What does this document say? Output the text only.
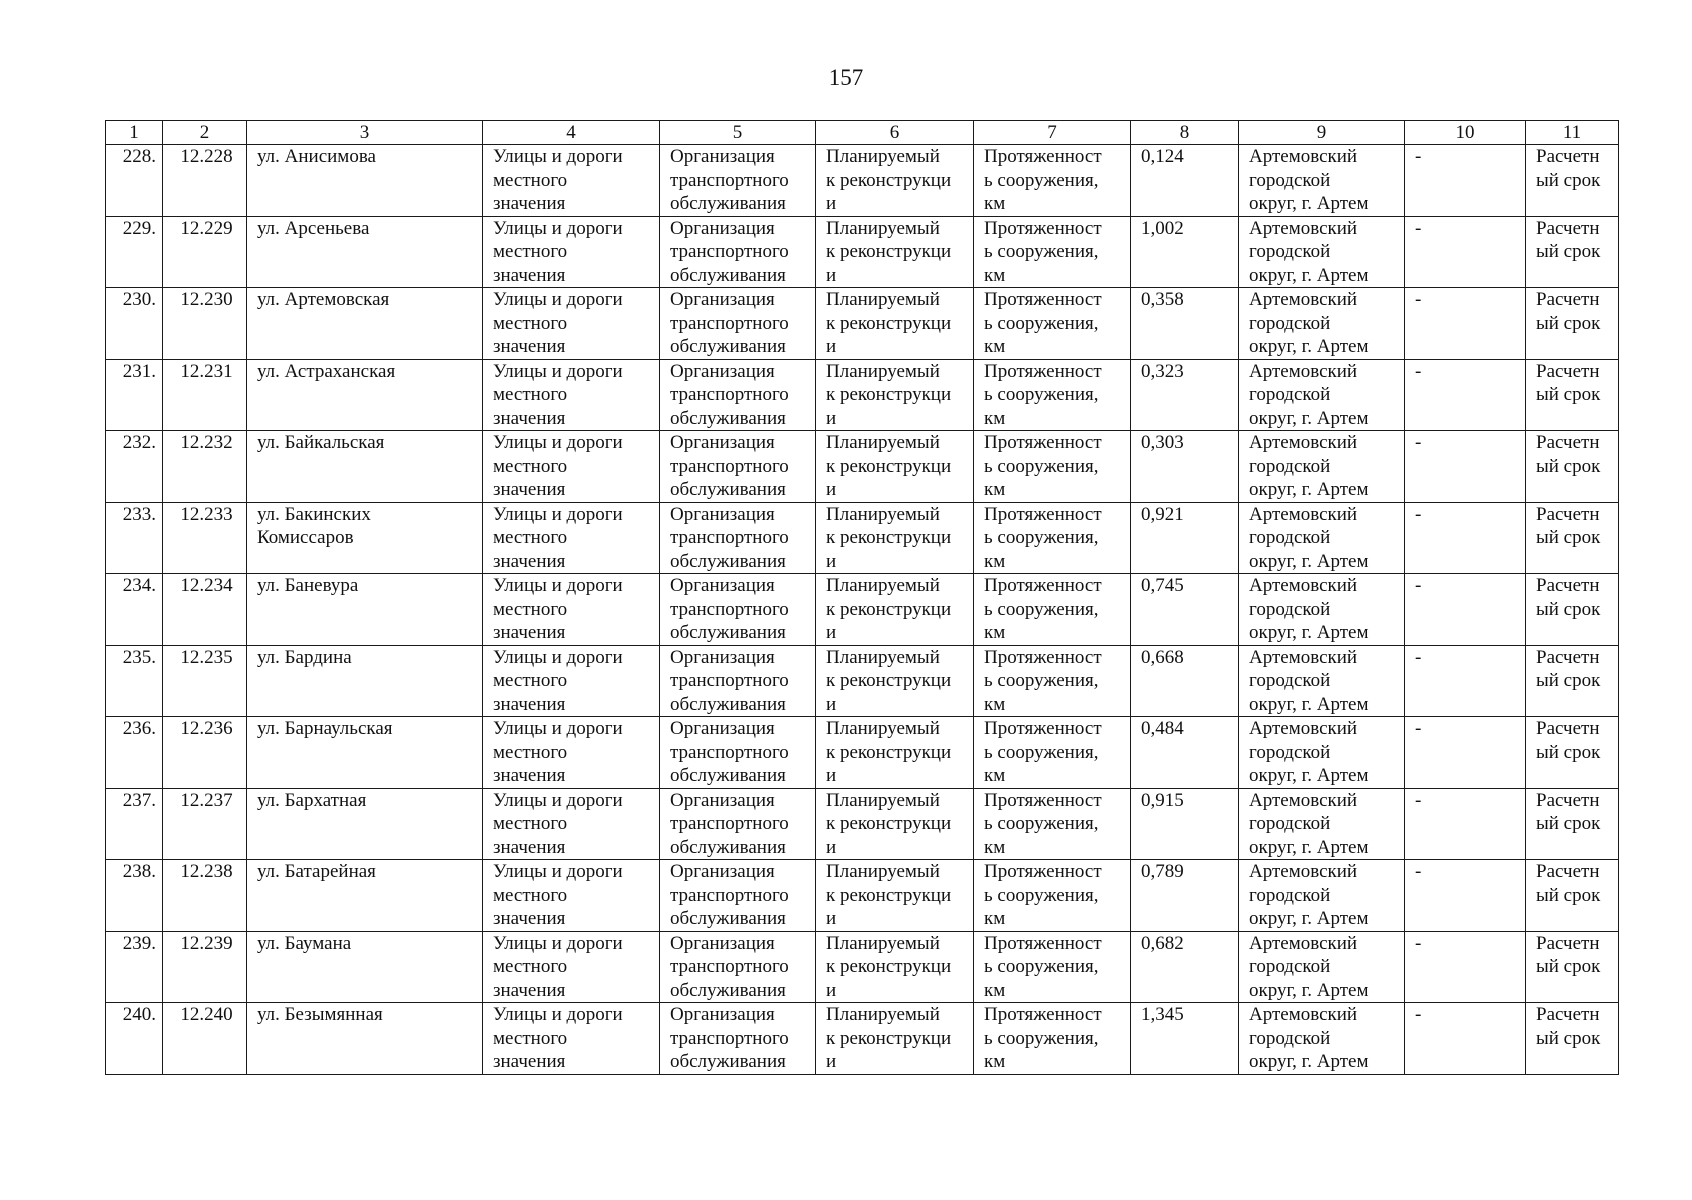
157
1	2	3	4	5	6	7	8	9	10	11
228.	12.228	ул. Анисимова	Улицы и дороги
местного
значения	Организация
транспортного
обслуживания	Планируемый
к реконструкци
и	Протяженност
ь сооружения,
км	0,124	Артемовский
городской
округ, г. Артем	-	Расчетн
ый срок

229.	12.229	ул. Арсеньева	Улицы и дороги
местного
значения	Организация
транспортного
обслуживания	Планируемый
к реконструкци
и	Протяженност
ь сооружения,
км	1,002	Артемовский
городской
округ, г. Артем	-	Расчетн
ый срок

230.	12.230	ул. Артемовская	Улицы и дороги
местного
значения	Организация
транспортного
обслуживания	Планируемый
к реконструкци
и	Протяженност
ь сооружения,
км	0,358	Артемовский
городской
округ, г. Артем	-	Расчетн
ый срок

231.	12.231	ул. Астраханская	Улицы и дороги
местного
значения	Организация
транспортного
обслуживания	Планируемый
к реконструкци
и	Протяженност
ь сооружения,
км	0,323	Артемовский
городской
округ, г. Артем	-	Расчетн
ый срок

232.	12.232	ул. Байкальская	Улицы и дороги
местного
значения	Организация
транспортного
обслуживания	Планируемый
к реконструкци
и	Протяженност
ь сооружения,
км	0,303	Артемовский
городской
округ, г. Артем	-	Расчетн
ый срок

233.	12.233	ул. Бакинских
Комиссаров	Улицы и дороги
местного
значения	Организация
транспортного
обслуживания	Планируемый
к реконструкци
и	Протяженност
ь сооружения,
км	0,921	Артемовский
городской
округ, г. Артем	-	Расчетн
ый срок

234.	12.234	ул. Баневура	Улицы и дороги
местного
значения	Организация
транспортного
обслуживания	Планируемый
к реконструкци
и	Протяженност
ь сооружения,
км	0,745	Артемовский
городской
округ, г. Артем	-	Расчетн
ый срок

235.	12.235	ул. Бардина	Улицы и дороги
местного
значения	Организация
транспортного
обслуживания	Планируемый
к реконструкци
и	Протяженност
ь сооружения,
км	0,668	Артемовский
городской
округ, г. Артем	-	Расчетн
ый срок

236.	12.236	ул. Барнаульская	Улицы и дороги
местного
значения	Организация
транспортного
обслуживания	Планируемый
к реконструкци
и	Протяженност
ь сооружения,
км	0,484	Артемовский
городской
округ, г. Артем	-	Расчетн
ый срок

237.	12.237	ул. Бархатная	Улицы и дороги
местного
значения	Организация
транспортного
обслуживания	Планируемый
к реконструкци
и	Протяженност
ь сооружения,
км	0,915	Артемовский
городской
округ, г. Артем	-	Расчетн
ый срок

238.	12.238	ул. Батарейная	Улицы и дороги
местного
значения	Организация
транспортного
обслуживания	Планируемый
к реконструкци
и	Протяженност
ь сооружения,
км	0,789	Артемовский
городской
округ, г. Артем	-	Расчетн
ый срок

239.	12.239	ул. Баумана	Улицы и дороги
местного
значения	Организация
транспортного
обслуживания	Планируемый
к реконструкци
и	Протяженност
ь сооружения,
км	0,682	Артемовский
городской
округ, г. Артем	-	Расчетн
ый срок

240.	12.240	ул. Безымянная	Улицы и дороги
местного
значения	Организация
транспортного
обслуживания	Планируемый
к реконструкци
и	Протяженност
ь сооружения,
км	1,345	Артемовский
городской
округ, г. Артем	-	Расчетн
ый срок
